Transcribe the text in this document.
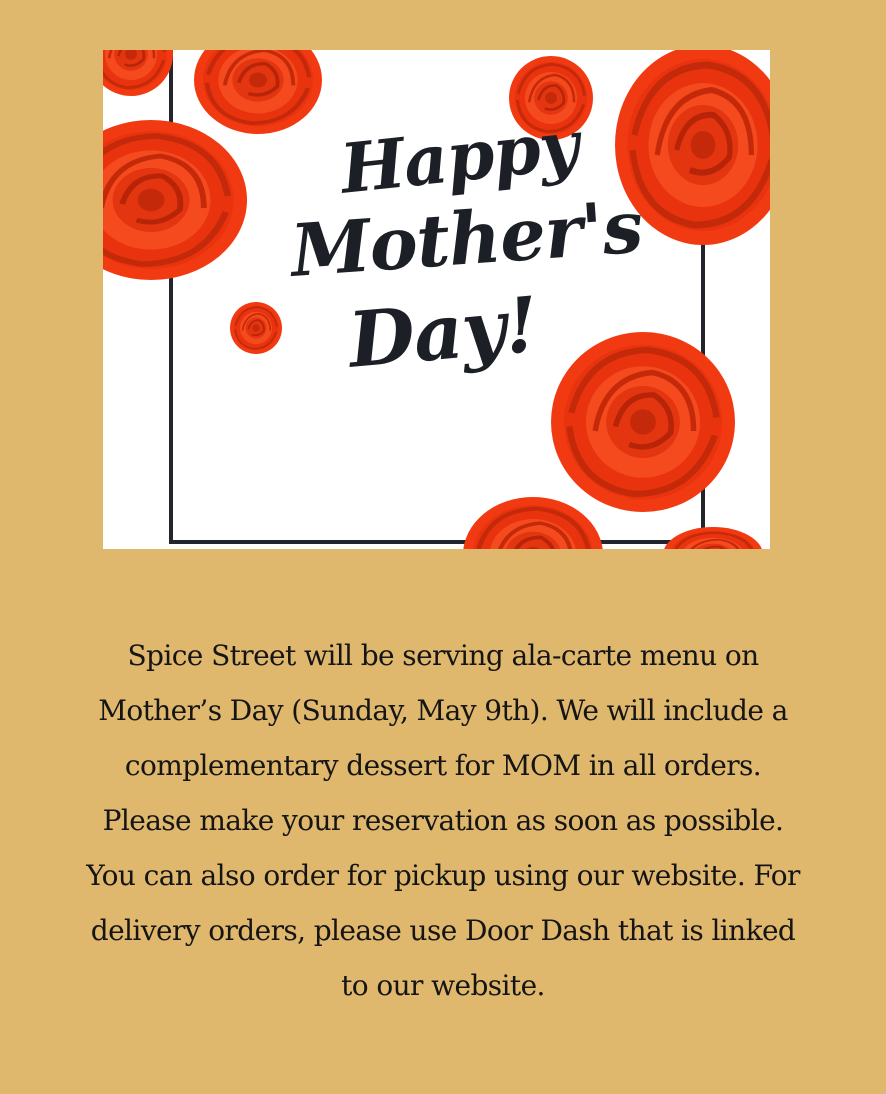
Happy
Mother's
Day!

Spice Street will be serving ala-carte menu on Mother’s Day (Sunday, May 9th). We will include a complementary dessert for MOM in all orders. Please make your reservation as soon as possible. You can also order for pickup using our website. For delivery orders, please use Door Dash that is linked to our website.
